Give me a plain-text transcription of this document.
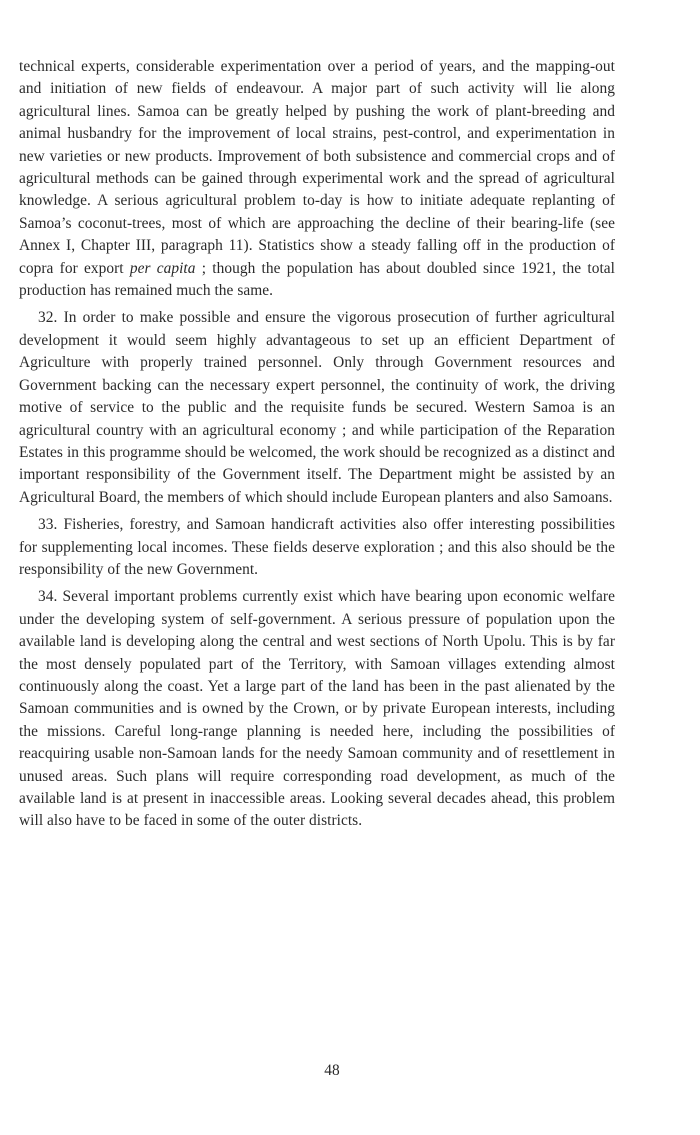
technical experts, considerable experimentation over a period of years, and the mapping-out and initiation of new fields of endeavour. A major part of such activity will lie along agricultural lines. Samoa can be greatly helped by pushing the work of plant-breeding and animal husbandry for the improvement of local strains, pest-control, and experimentation in new varieties or new products. Improvement of both subsistence and commercial crops and of agricultural methods can be gained through experimental work and the spread of agricultural knowledge. A serious agricultural problem to-day is how to initiate adequate replanting of Samoa’s coconut-trees, most of which are approaching the decline of their bearing-life (see Annex I, Chapter III, paragraph 11). Statistics show a steady falling off in the production of copra for export per capita ; though the population has about doubled since 1921, the total production has remained much the same.

32. In order to make possible and ensure the vigorous prosecution of further agricultural development it would seem highly advantageous to set up an efficient Department of Agriculture with properly trained personnel. Only through Government resources and Government backing can the necessary expert personnel, the continuity of work, the driving motive of service to the public and the requisite funds be secured. Western Samoa is an agricultural country with an agricultural economy ; and while participation of the Reparation Estates in this programme should be welcomed, the work should be recognized as a distinct and important responsibility of the Government itself. The Department might be assisted by an Agricultural Board, the members of which should include European planters and also Samoans.

33. Fisheries, forestry, and Samoan handicraft activities also offer interesting possibilities for supplementing local incomes. These fields deserve exploration ; and this also should be the responsibility of the new Government.

34. Several important problems currently exist which have bearing upon economic welfare under the developing system of self-government. A serious pressure of population upon the available land is developing along the central and west sections of North Upolu. This is by far the most densely populated part of the Territory, with Samoan villages extending almost continuously along the coast. Yet a large part of the land has been in the past alienated by the Samoan communities and is owned by the Crown, or by private European interests, including the missions. Careful long-range planning is needed here, including the possibilities of reacquiring usable non-Samoan lands for the needy Samoan community and of resettlement in unused areas. Such plans will require corresponding road development, as much of the available land is at present in inaccessible areas. Looking several decades ahead, this problem will also have to be faced in some of the outer districts.

48
